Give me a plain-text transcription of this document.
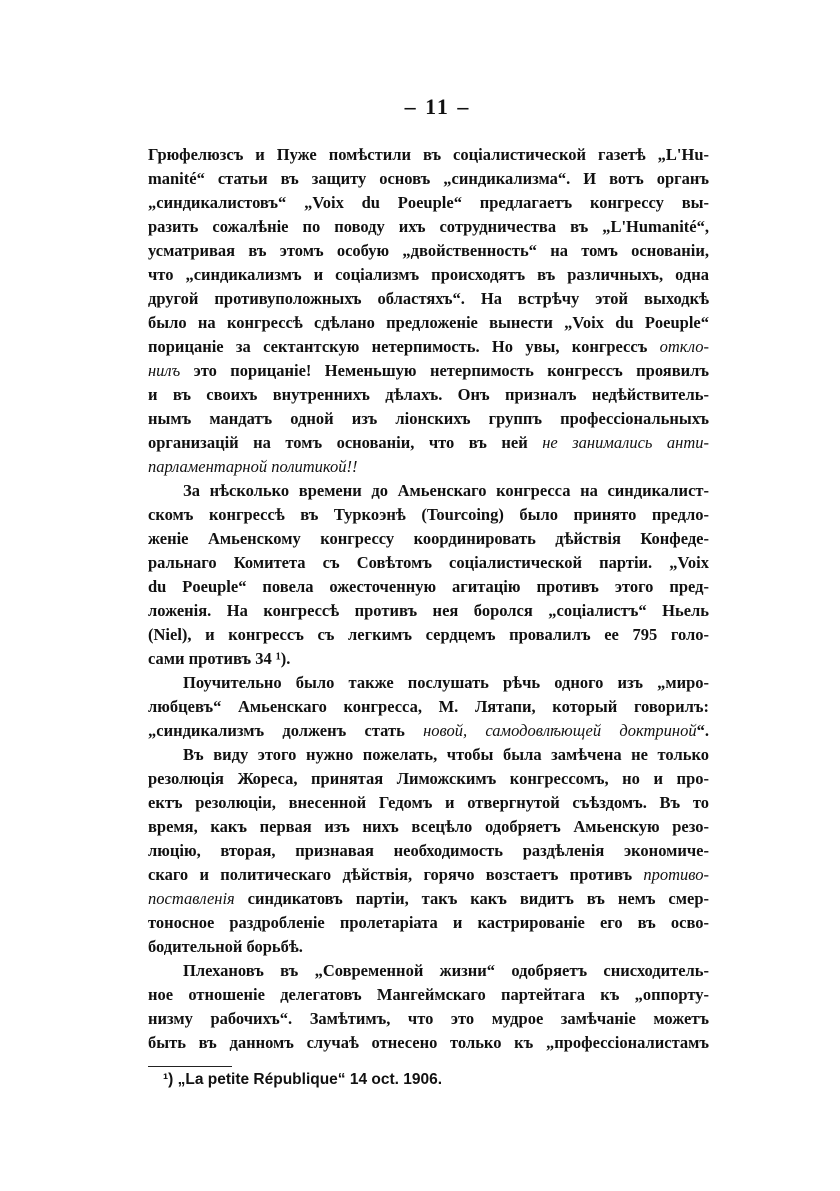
– 11 –
Грюфелюзсъ и Пуже помѣстили въ соціалистической газетѣ „L'Hu-
manité“ статьи въ защиту основъ „синдикализма“. И вотъ органъ
„синдикалистовъ“ „Voix du Poeuple“ предлагаетъ конгрессу вы-
разить сожалѣніе по поводу ихъ сотрудничества въ „L'Humanité“,
усматривая въ этомъ особую „двойственность“ на томъ основаніи,
что „синдикализмъ и соціализмъ происходятъ въ различныхъ, одна
другой противуположныхъ областяхъ“. На встрѣчу этой выходкѣ
было на конгрессѣ сдѣлано предложеніе вынести „Voix du Poeuple“
порицаніе за сектантскую нетерпимость. Но увы, конгрессъ откло-
нилъ это порицаніе! Неменьшую нетерпимость конгрессъ проявилъ
и въ своихъ внутреннихъ дѣлахъ. Онъ призналъ недѣйствитель-
нымъ мандатъ одной изъ ліонскихъ группъ профессіональныхъ
организацій на томъ основаніи, что въ ней не занимались анти-
парламентарной политикой!!
За нѣсколько времени до Амьенскаго конгресса на синдикалист-
скомъ конгрессѣ въ Туркоэнѣ (Tourcoing) было принято предло-
женіе Амьенскому конгрессу координировать дѣйствія Конфеде-
ральнаго Комитета съ Совѣтомъ соціалистической партіи. „Voix
du Poeuple“ повела ожесточенную агитацію противъ этого пред-
ложенія. На конгрессѣ противъ нея боролся „соціалистъ“ Ньель
(Niel), и конгрессъ съ легкимъ сердцемъ провалилъ ее 795 голо-
сами противъ 34 ¹).
Поучительно было также послушать рѣчь одного изъ „миро-
любцевъ“ Амьенскаго конгресса, М. Лятапи, который говорилъ:
„синдикализмъ долженъ стать новой, самодовлѣющей доктриной“.
Въ виду этого нужно пожелать, чтобы была замѣчена не только
резолюція Жореса, принятая Лиможскимъ конгрессомъ, но и про-
ектъ резолюціи, внесенной Гедомъ и отвергнутой съѣздомъ. Въ то
время, какъ первая изъ нихъ всецѣло одобряетъ Амьенскую резо-
люцію, вторая, признавая необходимость раздѣленія экономиче-
скаго и политическаго дѣйствія, горячо возстаетъ противъ противо-
поставленія синдикатовъ партіи, такъ какъ видитъ въ немъ смер-
тоносное раздробленіе пролетаріата и кастрированіе его въ осво-
бодительной борьбѣ.
Плехановъ въ „Современной жизни“ одобряетъ снисходитель-
ное отношеніе делегатовъ Мангеймскаго партейтага къ „оппорту-
низму рабочихъ“. Замѣтимъ, что это мудрое замѣчаніе можетъ
быть въ данномъ случаѣ отнесено только къ „профессіоналистамъ
¹) „La petite République“ 14 oct. 1906.
